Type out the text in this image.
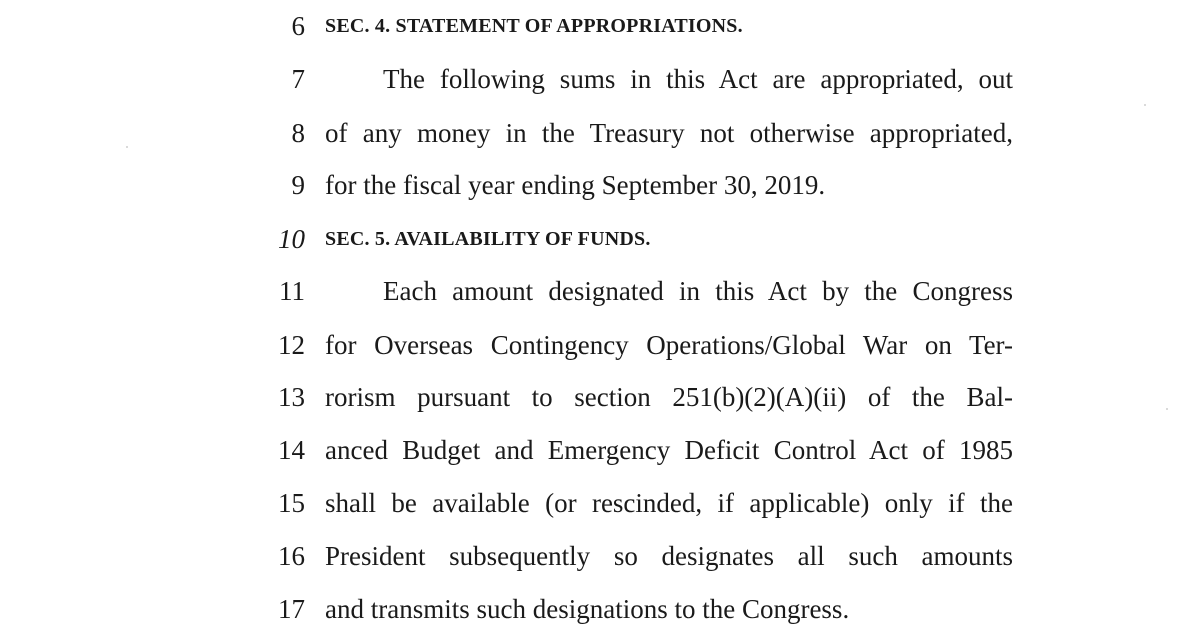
6 SEC. 4. STATEMENT OF APPROPRIATIONS.
7	The following sums in this Act are appropriated, out
8 of any money in the Treasury not otherwise appropriated,
9 for the fiscal year ending September 30, 2019.
10 SEC. 5. AVAILABILITY OF FUNDS.
11	Each amount designated in this Act by the Congress
12 for Overseas Contingency Operations/Global War on Ter-
13 rorism pursuant to section 251(b)(2)(A)(ii) of the Bal-
14 anced Budget and Emergency Deficit Control Act of 1985
15 shall be available (or rescinded, if applicable) only if the
16 President subsequently so designates all such amounts
17 and transmits such designations to the Congress.
